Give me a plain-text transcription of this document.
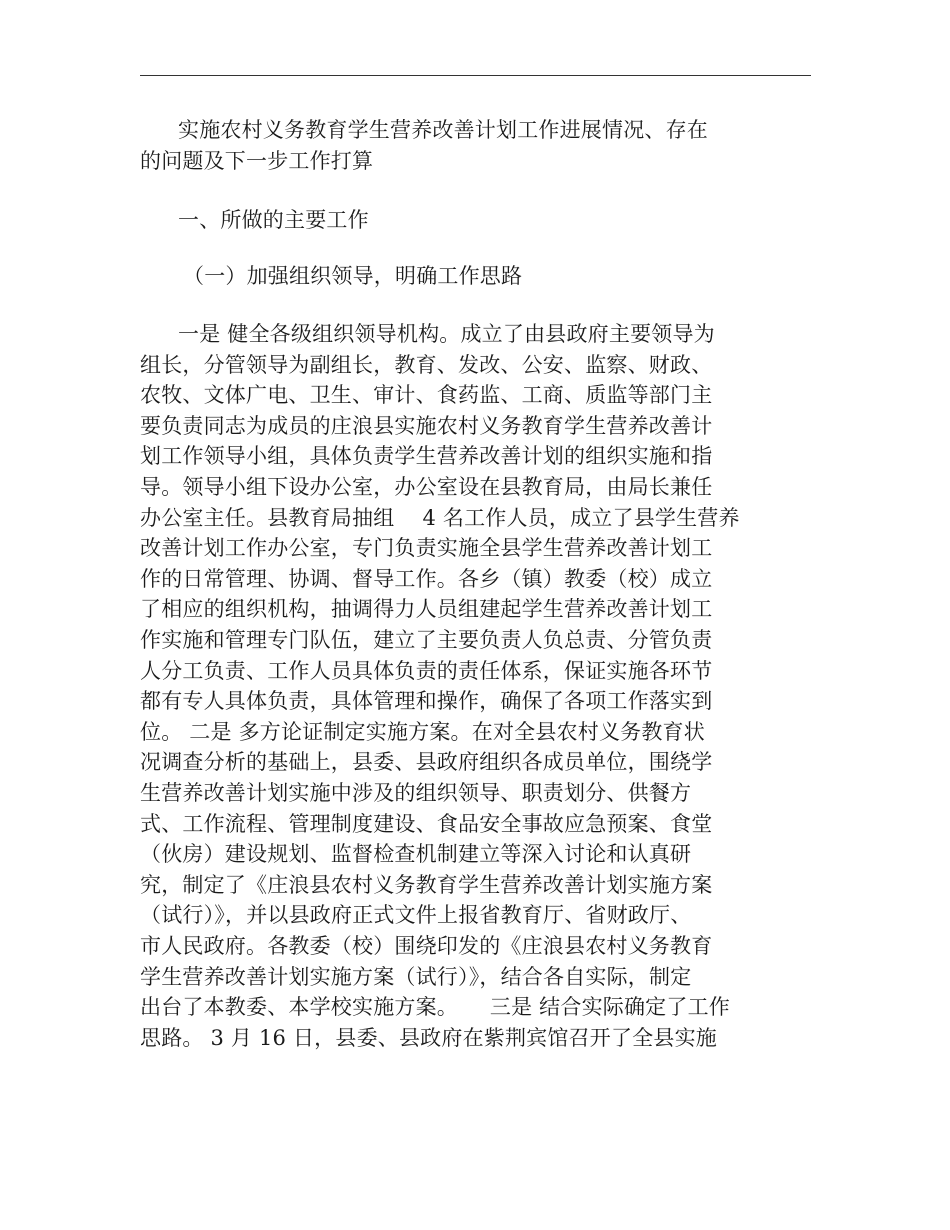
实施农村义务教育学生营养改善计划工作进展情况、存在
的问题及下一步工作打算
一、所做的主要工作
（一）加强组织领导，明确工作思路
一是 健全各级组织领导机构。成立了由县政府主要领导为
组长，分管领导为副组长，教育、发改、公安、监察、财政、
农牧、文体广电、卫生、审计、食药监、工商、质监等部门主
要负责同志为成员的庄浪县实施农村义务教育学生营养改善计
划工作领导小组，具体负责学生营养改善计划的组织实施和指
导。领导小组下设办公室，办公室设在县教育局，由局长兼任
办公室主任。县教育局抽组　 4 名工作人员，成立了县学生营养
改善计划工作办公室，专门负责实施全县学生营养改善计划工
作的日常管理、协调、督导工作。各乡（镇）教委（校）成立
了相应的组织机构，抽调得力人员组建起学生营养改善计划工
作实施和管理专门队伍，建立了主要负责人负总责、分管负责
人分工负责、工作人员具体负责的责任体系，保证实施各环节
都有专人具体负责，具体管理和操作，确保了各项工作落实到
位。 二是 多方论证制定实施方案。在对全县农村义务教育状
况调查分析的基础上，县委、县政府组织各成员单位，围绕学
生营养改善计划实施中涉及的组织领导、职责划分、供餐方
式、工作流程、管理制度建设、食品安全事故应急预案、食堂
（伙房）建设规划、监督检查机制建立等深入讨论和认真研
究，制定了《庄浪县农村义务教育学生营养改善计划实施方案
（试行）》，并以县政府正式文件上报省教育厅、省财政厅、
市人民政府。各教委（校）围绕印发的《庄浪县农村义务教育
学生营养改善计划实施方案（试行）》，结合各自实际，制定
出台了本教委、本学校实施方案。　　三是 结合实际确定了工作
思路。 3 月 16 日，县委、县政府在紫荆宾馆召开了全县实施
